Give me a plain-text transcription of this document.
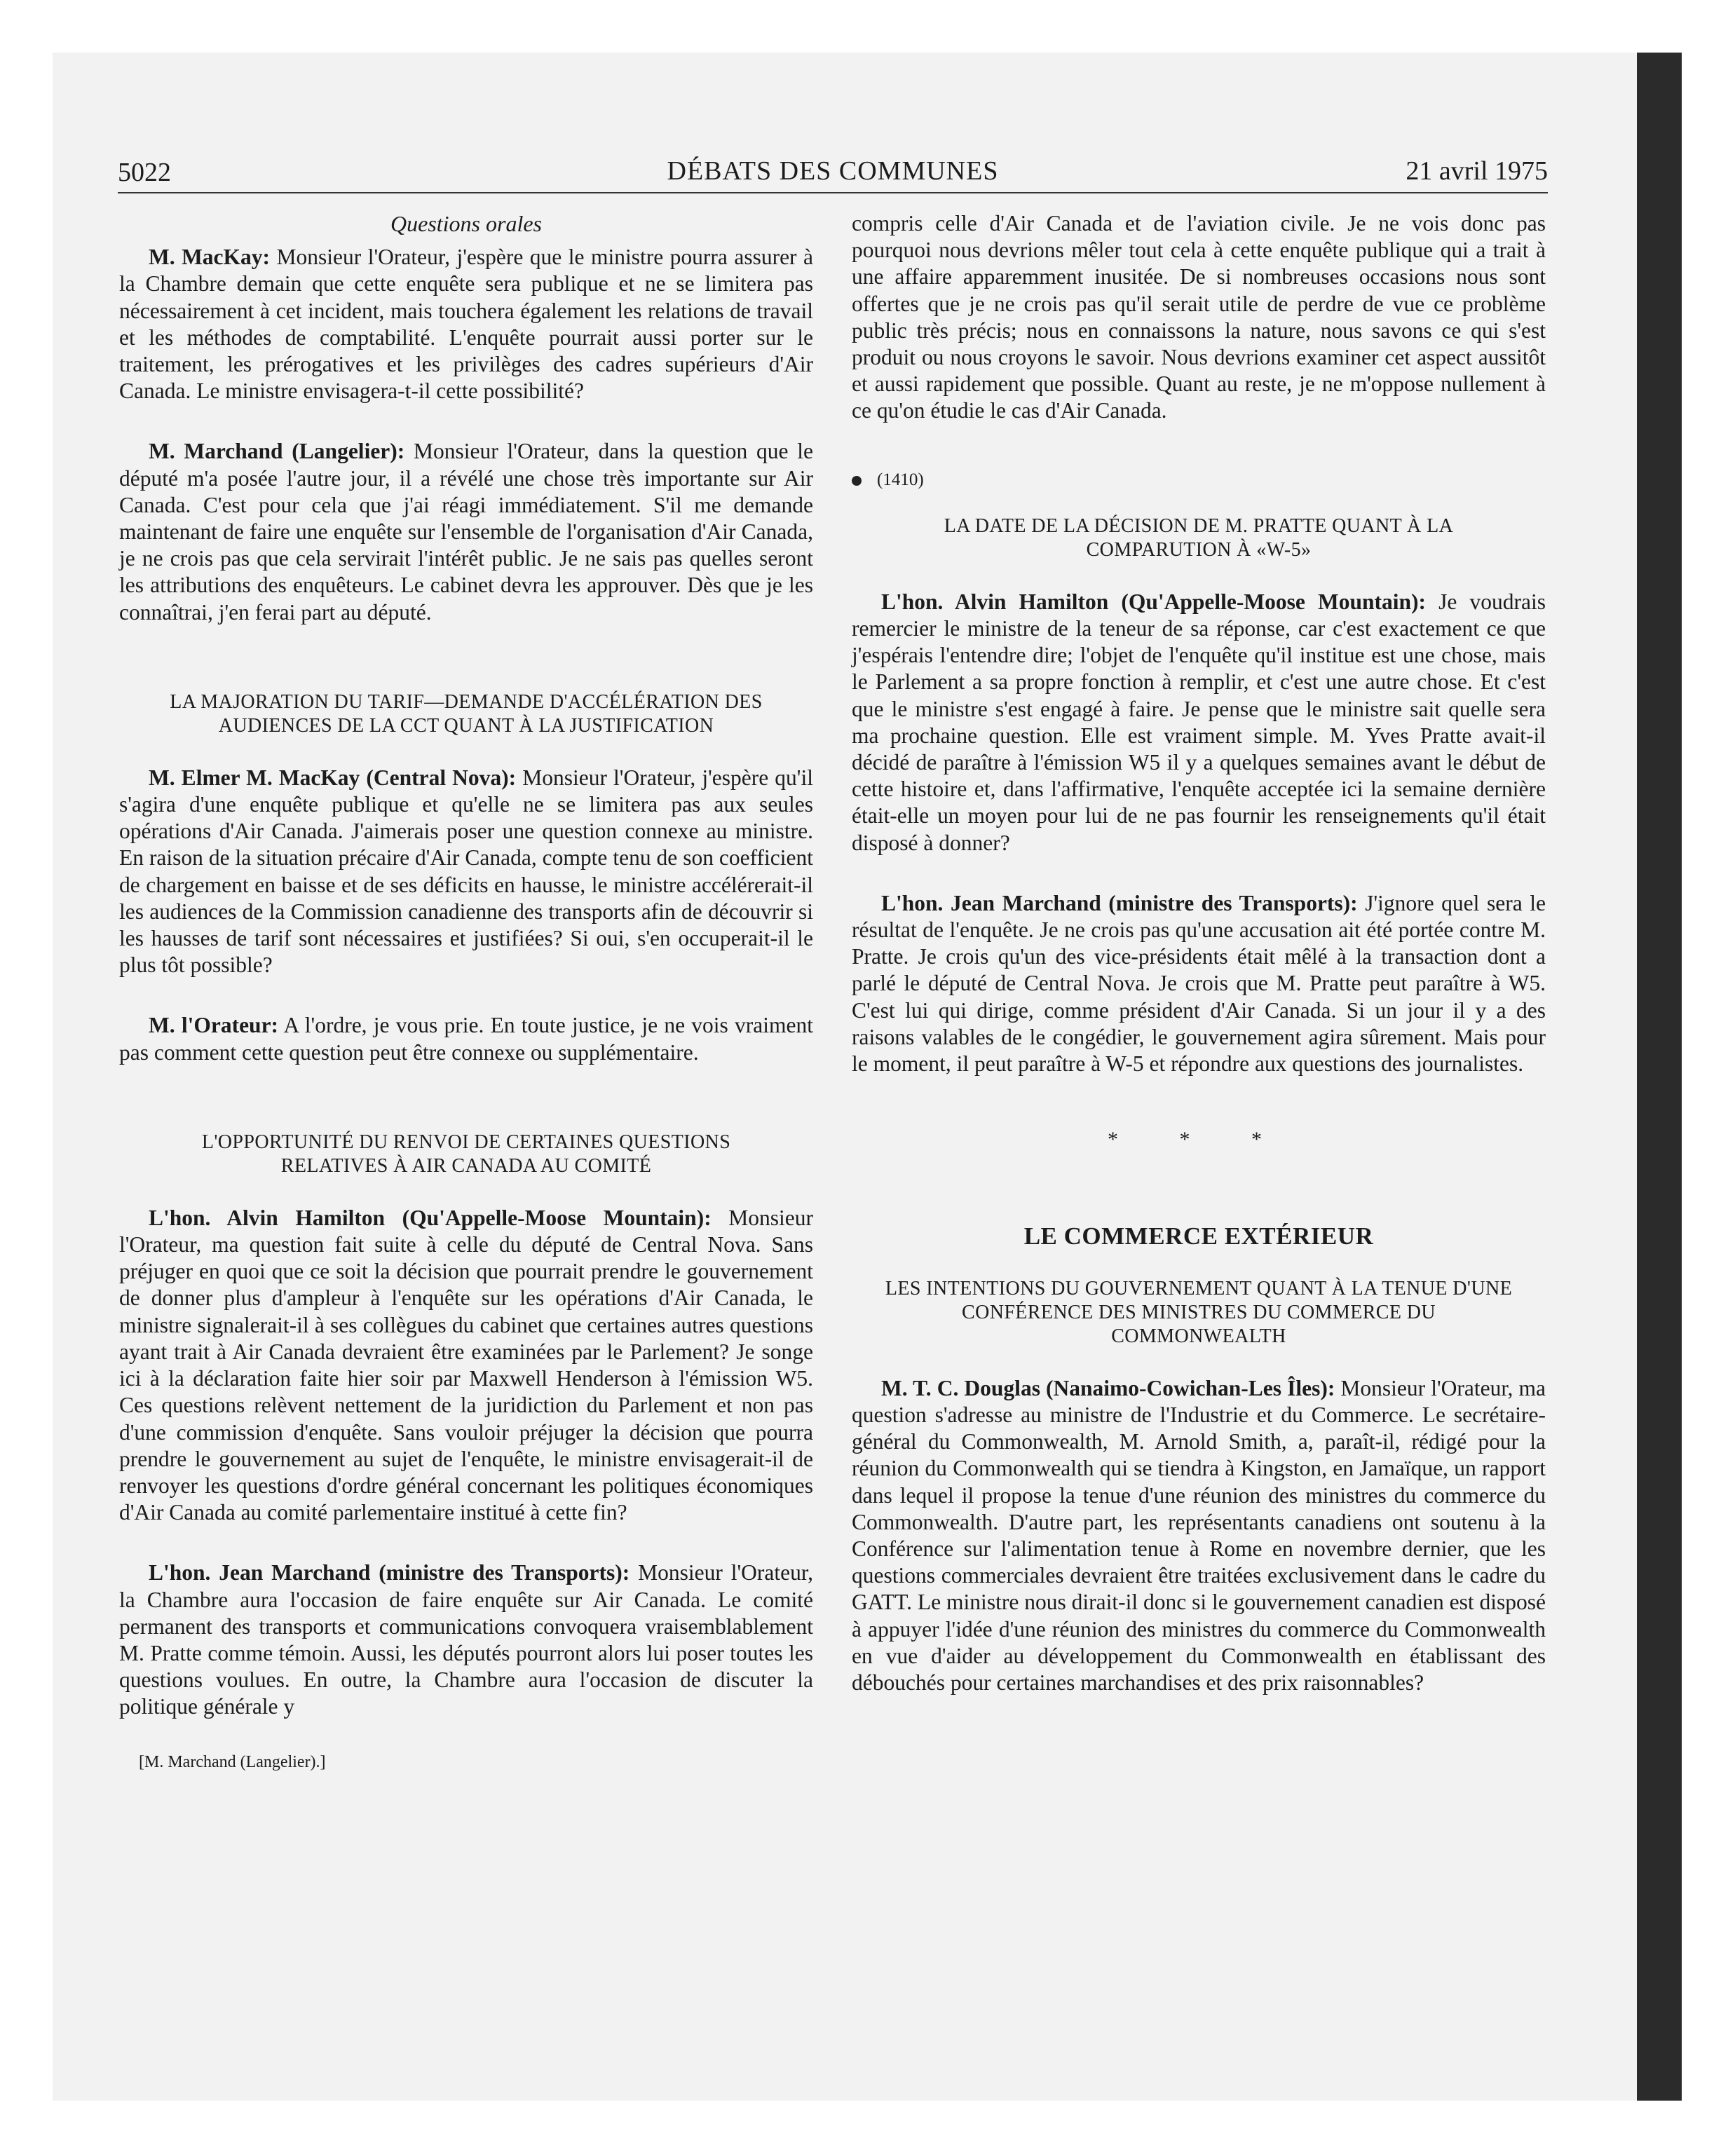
5022	DÉBATS DES COMMUNES	21 avril 1975
Questions orales

M. MacKay: Monsieur l'Orateur, j'espère que le ministre pourra assurer à la Chambre demain que cette enquête sera publique et ne se limitera pas nécessairement à cet incident, mais touchera également les relations de travail et les méthodes de comptabilité. L'enquête pourrait aussi porter sur le traitement, les prérogatives et les privilèges des cadres supérieurs d'Air Canada. Le ministre envisagera-t-il cette possibilité?

M. Marchand (Langelier): Monsieur l'Orateur, dans la question que le député m'a posée l'autre jour, il a révélé une chose très importante sur Air Canada. C'est pour cela que j'ai réagi immédiatement. S'il me demande maintenant de faire une enquête sur l'ensemble de l'organisation d'Air Canada, je ne crois pas que cela servirait l'intérêt public. Je ne sais pas quelles seront les attributions des enquêteurs. Le cabinet devra les approuver. Dès que je les connaîtrai, j'en ferai part au député.

LA MAJORATION DU TARIF—DEMANDE D'ACCÉLÉRATION DES AUDIENCES DE LA CCT QUANT À LA JUSTIFICATION

M. Elmer M. MacKay (Central Nova): Monsieur l'Orateur, j'espère qu'il s'agira d'une enquête publique et qu'elle ne se limitera pas aux seules opérations d'Air Canada. J'aimerais poser une question connexe au ministre. En raison de la situation précaire d'Air Canada, compte tenu de son coefficient de chargement en baisse et de ses déficits en hausse, le ministre accélérerait-il les audiences de la Commission canadienne des transports afin de découvrir si les hausses de tarif sont nécessaires et justifiées? Si oui, s'en occuperait-il le plus tôt possible?

M. l'Orateur: A l'ordre, je vous prie. En toute justice, je ne vois vraiment pas comment cette question peut être connexe ou supplémentaire.

L'OPPORTUNITÉ DU RENVOI DE CERTAINES QUESTIONS RELATIVES À AIR CANADA AU COMITÉ

L'hon. Alvin Hamilton (Qu'Appelle-Moose Mountain): Monsieur l'Orateur, ma question fait suite à celle du député de Central Nova. Sans préjuger en quoi que ce soit la décision que pourrait prendre le gouvernement de donner plus d'ampleur à l'enquête sur les opérations d'Air Canada, le ministre signalerait-il à ses collègues du cabinet que certaines autres questions ayant trait à Air Canada devraient être examinées par le Parlement? Je songe ici à la déclaration faite hier soir par Maxwell Henderson à l'émission W5. Ces questions relèvent nettement de la juridiction du Parlement et non pas d'une commission d'enquête. Sans vouloir préjuger la décision que pourra prendre le gouvernement au sujet de l'enquête, le ministre envisagerait-il de renvoyer les questions d'ordre général concernant les politiques économiques d'Air Canada au comité parlementaire institué à cette fin?

L'hon. Jean Marchand (ministre des Transports): Monsieur l'Orateur, la Chambre aura l'occasion de faire enquête sur Air Canada. Le comité permanent des transports et communications convoquera vraisemblablement M. Pratte comme témoin. Aussi, les députés pourront alors lui poser toutes les questions voulues. En outre, la Chambre aura l'occasion de discuter la politique générale y

[M. Marchand (Langelier).]

compris celle d'Air Canada et de l'aviation civile. Je ne vois donc pas pourquoi nous devrions mêler tout cela à cette enquête publique qui a trait à une affaire apparemment inusitée. De si nombreuses occasions nous sont offertes que je ne crois pas qu'il serait utile de perdre de vue ce problème public très précis; nous en connaissons la nature, nous savons ce qui s'est produit ou nous croyons le savoir. Nous devrions examiner cet aspect aussitôt et aussi rapidement que possible. Quant au reste, je ne m'oppose nullement à ce qu'on étudie le cas d'Air Canada.

(1410)
LA DATE DE LA DÉCISION DE M. PRATTE QUANT À LA COMPARUTION À «W-5»

L'hon. Alvin Hamilton (Qu'Appelle-Moose Mountain): Je voudrais remercier le ministre de la teneur de sa réponse, car c'est exactement ce que j'espérais l'entendre dire; l'objet de l'enquête qu'il institue est une chose, mais le Parlement a sa propre fonction à remplir, et c'est une autre chose. Et c'est que le ministre s'est engagé à faire. Je pense que le ministre sait quelle sera ma prochaine question. Elle est vraiment simple. M. Yves Pratte avait-il décidé de paraître à l'émission W5 il y a quelques semaines avant le début de cette histoire et, dans l'affirmative, l'enquête acceptée ici la semaine dernière était-elle un moyen pour lui de ne pas fournir les renseignements qu'il était disposé à donner?

L'hon. Jean Marchand (ministre des Transports): J'ignore quel sera le résultat de l'enquête. Je ne crois pas qu'une accusation ait été portée contre M. Pratte. Je crois qu'un des vice-présidents était mêlé à la transaction dont a parlé le député de Central Nova. Je crois que M. Pratte peut paraître à W5. C'est lui qui dirige, comme président d'Air Canada. Si un jour il y a des raisons valables de le congédier, le gouvernement agira sûrement. Mais pour le moment, il peut paraître à W-5 et répondre aux questions des journalistes.

* * *
LE COMMERCE EXTÉRIEUR
LES INTENTIONS DU GOUVERNEMENT QUANT À LA TENUE D'UNE CONFÉRENCE DES MINISTRES DU COMMERCE DU COMMONWEALTH

M. T. C. Douglas (Nanaimo-Cowichan-Les Îles): Monsieur l'Orateur, ma question s'adresse au ministre de l'Industrie et du Commerce. Le secrétaire-général du Commonwealth, M. Arnold Smith, a, paraît-il, rédigé pour la réunion du Commonwealth qui se tiendra à Kingston, en Jamaïque, un rapport dans lequel il propose la tenue d'une réunion des ministres du commerce du Commonwealth. D'autre part, les représentants canadiens ont soutenu à la Conférence sur l'alimentation tenue à Rome en novembre dernier, que les questions commerciales devraient être traitées exclusivement dans le cadre du GATT. Le ministre nous dirait-il donc si le gouvernement canadien est disposé à appuyer l'idée d'une réunion des ministres du commerce du Commonwealth en vue d'aider au développement du Commonwealth en établissant des débouchés pour certaines marchandises et des prix raisonnables?
